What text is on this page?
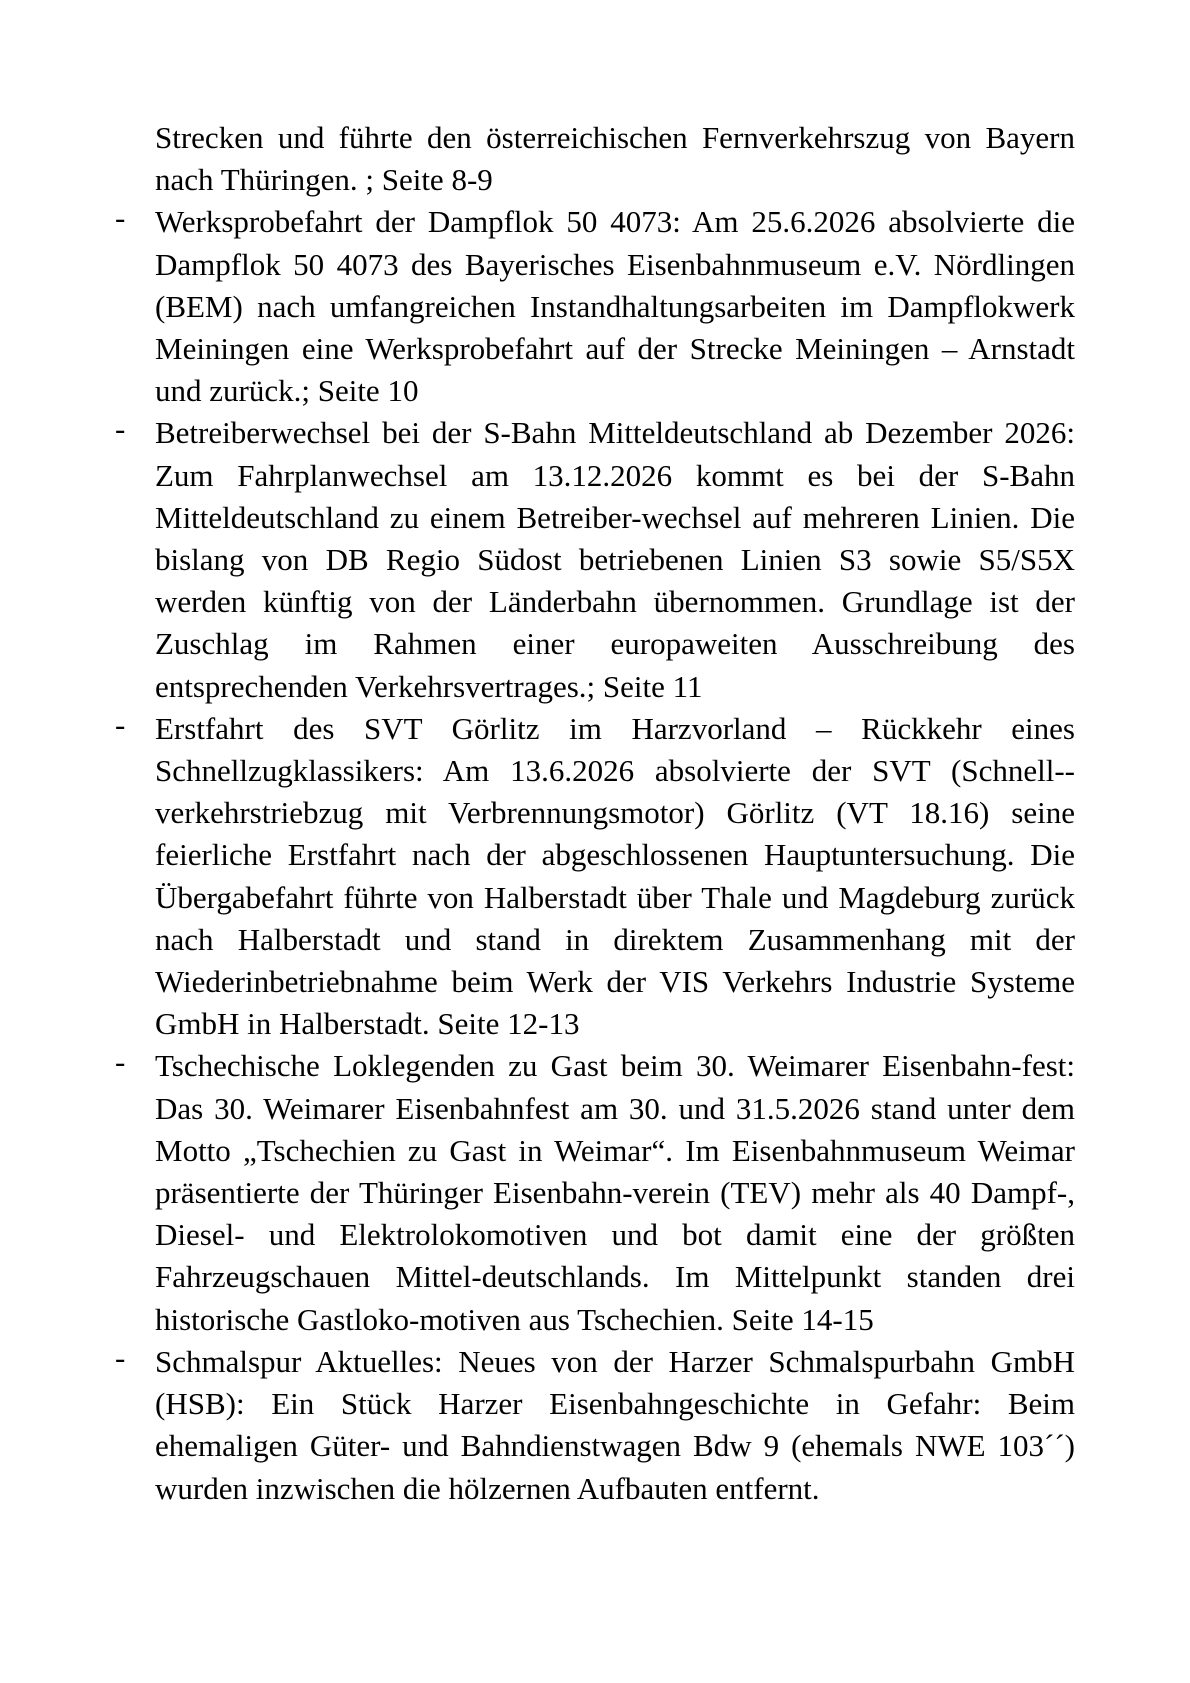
Strecken und führte den österreichischen Fernverkehrszug von Bayern nach Thüringen. ; Seite 8-9

- Werksprobefahrt der Dampflok 50 4073: Am 25.6.2026 absolvierte die Dampflok 50 4073 des Bayerisches Eisenbahnmuseum e.V. Nördlingen (BEM) nach umfangreichen Instandhaltungsarbeiten im Dampflokwerk Meiningen eine Werksprobefahrt auf der Strecke Meiningen – Arnstadt und zurück.; Seite 10

- Betreiberwechsel bei der S-Bahn Mitteldeutschland ab Dezember 2026: Zum Fahrplanwechsel am 13.12.2026 kommt es bei der S-Bahn Mitteldeutschland zu einem Betreiber-wechsel auf mehreren Linien. Die bislang von DB Regio Südost betriebenen Linien S3 sowie S5/S5X werden künftig von der Länderbahn übernommen. Grundlage ist der Zuschlag im Rahmen einer europaweiten Ausschreibung des entsprechenden Verkehrsvertrages.; Seite 11

- Erstfahrt des SVT Görlitz im Harzvorland – Rückkehr eines Schnellzugklassikers: Am 13.6.2026 absolvierte der SVT (Schnell-verkehrstriebzug mit Verbrennungsmotor) Görlitz (VT 18.16) seine feierliche Erstfahrt nach der abgeschlossenen Hauptuntersuchung. Die Übergabefahrt führte von Halberstadt über Thale und Magdeburg zurück nach Halberstadt und stand in direktem Zusammenhang mit der Wiederinbetriebnahme beim Werk der VIS Verkehrs Industrie Systeme GmbH in Halberstadt. Seite 12-13

- Tschechische Loklegenden zu Gast beim 30. Weimarer Eisenbahn-fest: Das 30. Weimarer Eisenbahnfest am 30. und 31.5.2026 stand unter dem Motto „Tschechien zu Gast in Weimar“. Im Eisenbahnmuseum Weimar präsentierte der Thüringer Eisenbahn-verein (TEV) mehr als 40 Dampf-, Diesel- und Elektrolokomotiven und bot damit eine der größten Fahrzeugschauen Mittel-deutschlands. Im Mittelpunkt standen drei historische Gastloko-motiven aus Tschechien. Seite 14-15

- Schmalspur Aktuelles: Neues von der Harzer Schmalspurbahn GmbH (HSB): Ein Stück Harzer Eisenbahngeschichte in Gefahr: Beim ehemaligen Güter- und Bahndienstwagen Bdw 9 (ehemals NWE 103´´) wurden inzwischen die hölzernen Aufbauten entfernt.
